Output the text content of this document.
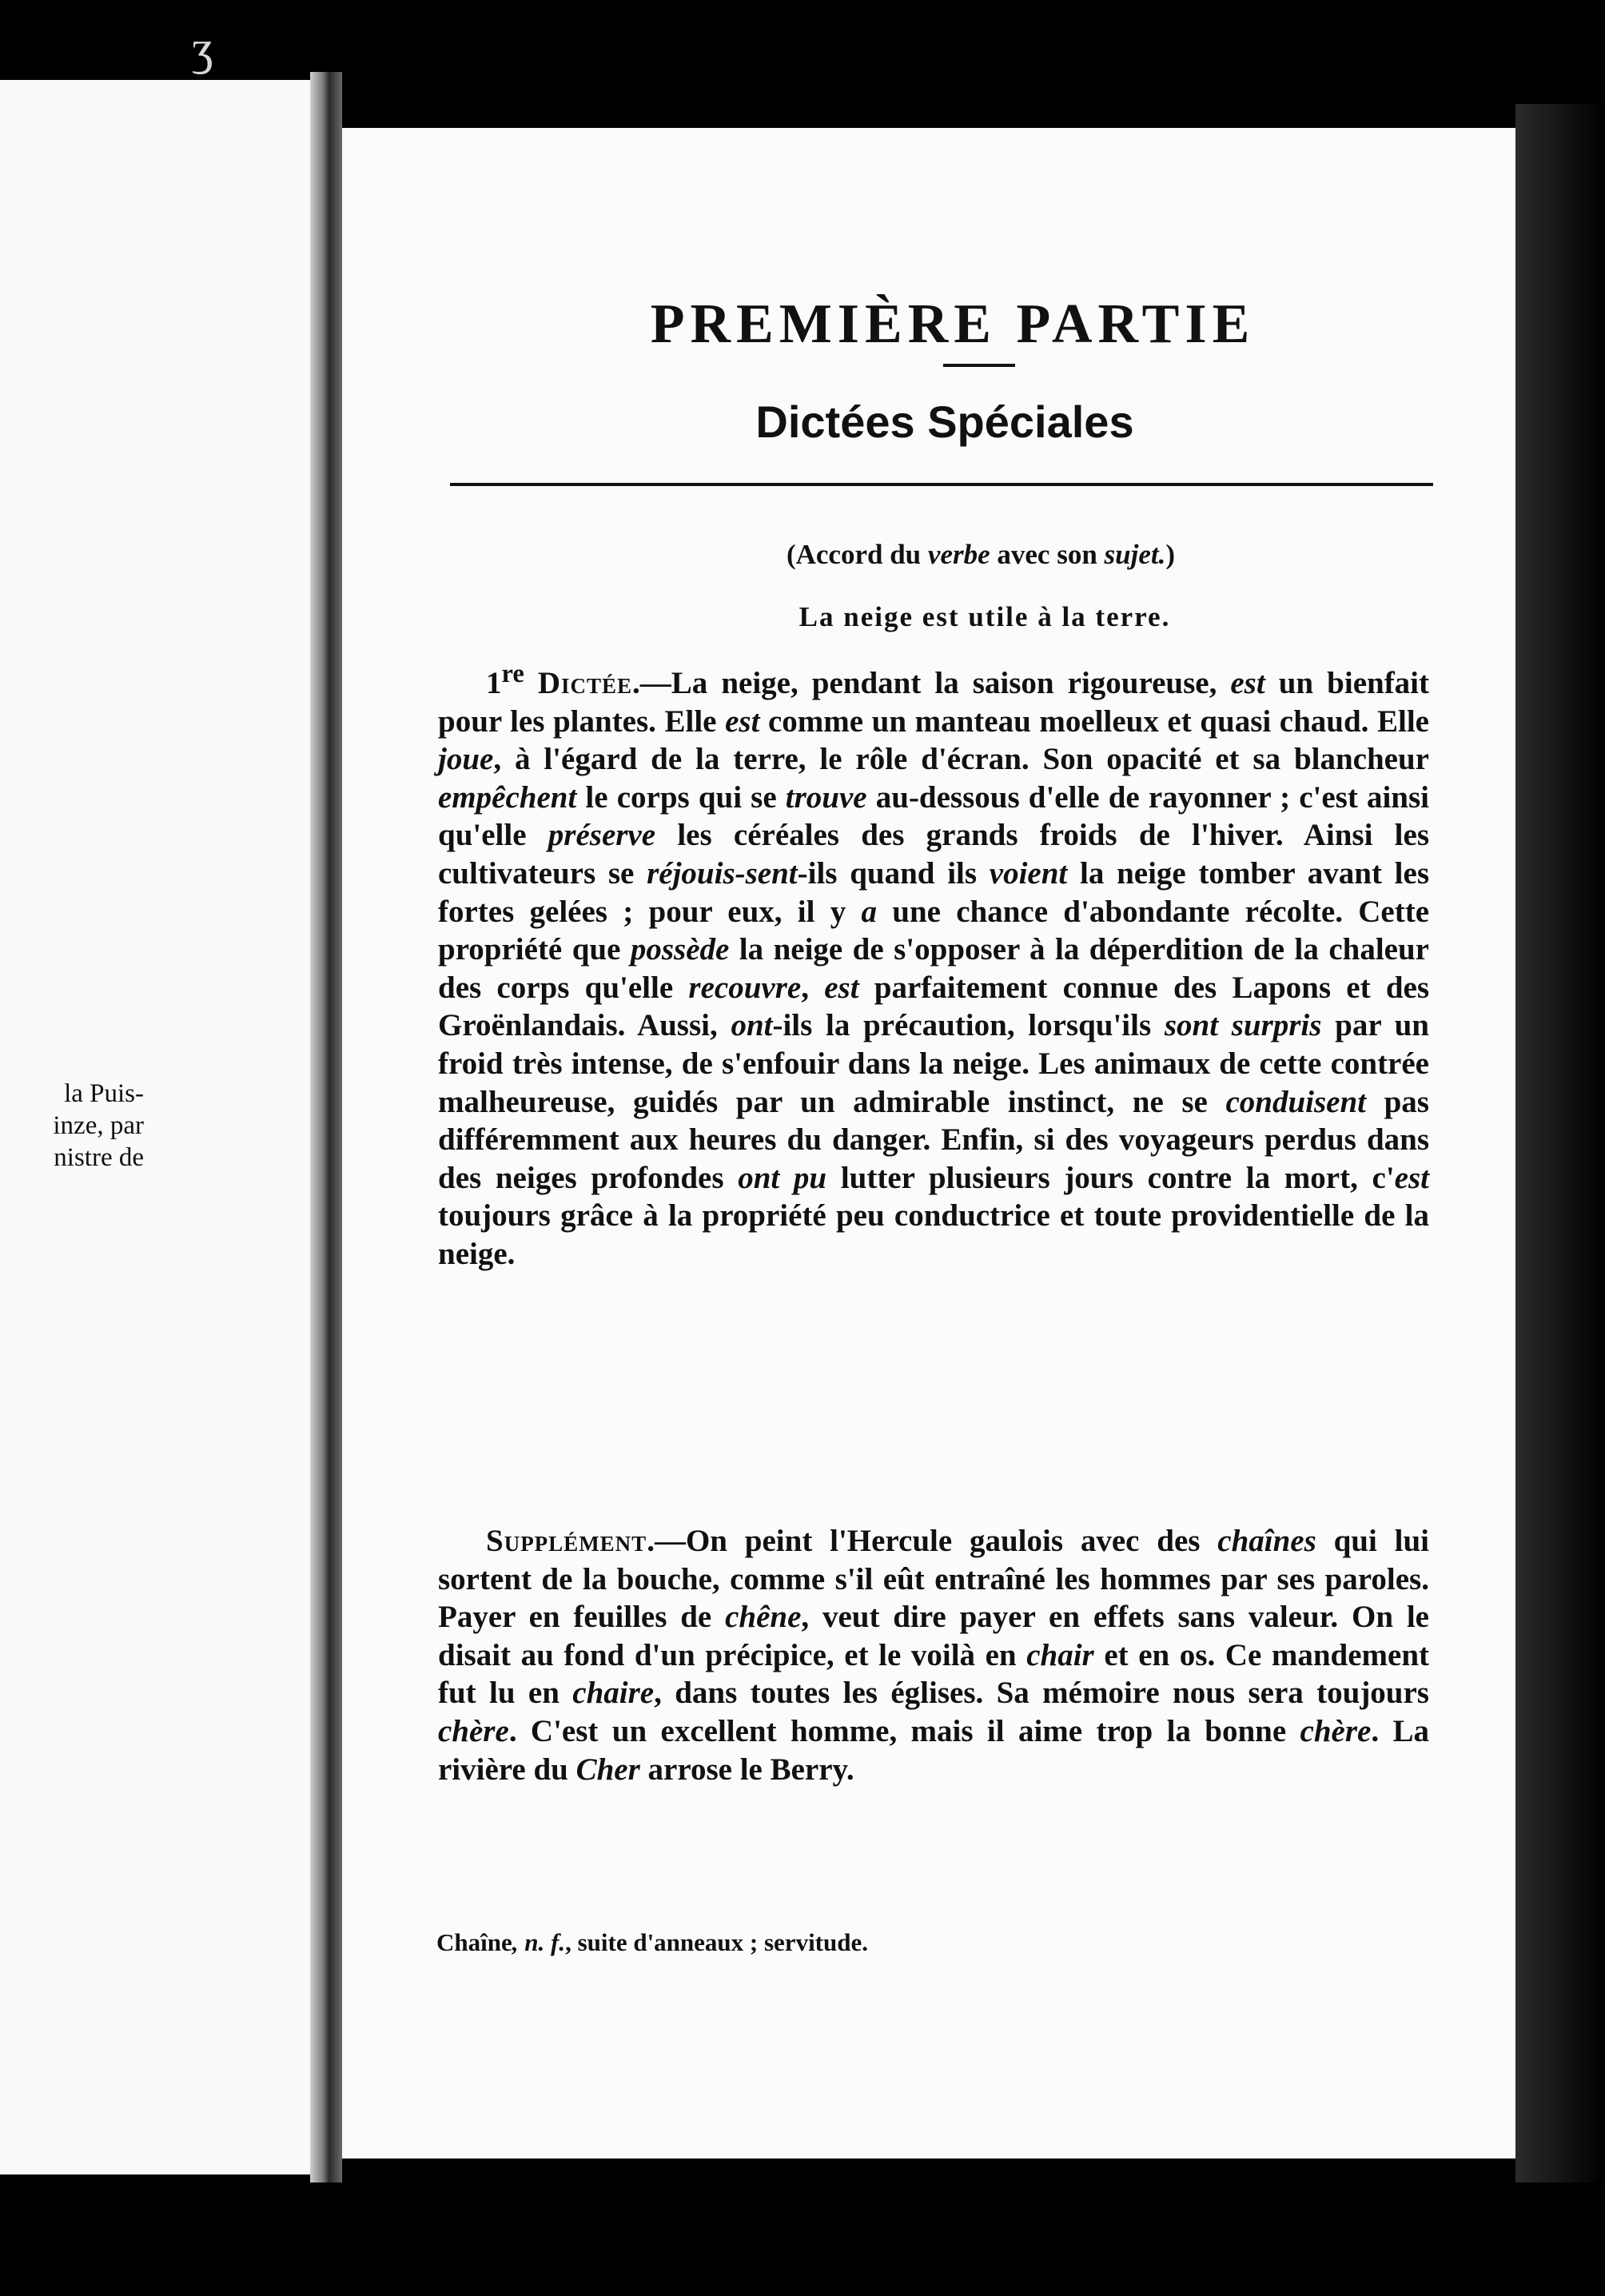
ʒ
la Puis-
inze, par
nistre de
PREMIÈRE PARTIE
Dictées Spéciales
(Accord du verbe avec son sujet.)
La neige est utile à la terre.

1re Dictée.—La neige, pendant la saison rigoureuse, est un bienfait pour les plantes. Elle est comme un manteau moelleux et quasi chaud. Elle joue, à l'égard de la terre, le rôle d'écran. Son opacité et sa blancheur empêchent le corps qui se trouve au-dessous d'elle de rayonner ; c'est ainsi qu'elle préserve les céréales des grands froids de l'hiver. Ainsi les cultivateurs se réjouis-sent-ils quand ils voient la neige tomber avant les fortes gelées ; pour eux, il y a une chance d'abondante récolte. Cette propriété que possède la neige de s'opposer à la déperdition de la chaleur des corps qu'elle recouvre, est parfaitement connue des Lapons et des Groënlandais. Aussi, ont-ils la précaution, lorsqu'ils sont surpris par un froid très intense, de s'enfouir dans la neige. Les animaux de cette contrée malheureuse, guidés par un admirable instinct, ne se conduisent pas différemment aux heures du danger. Enfin, si des voyageurs perdus dans des neiges profondes ont pu lutter plusieurs jours contre la mort, c'est toujours grâce à la propriété peu conductrice et toute providentielle de la neige.

Supplément.—On peint l'Hercule gaulois avec des chaînes qui lui sortent de la bouche, comme s'il eût entraîné les hommes par ses paroles. Payer en feuilles de chêne, veut dire payer en effets sans valeur. On le disait au fond d'un précipice, et le voilà en chair et en os. Ce mandement fut lu en chaire, dans toutes les églises. Sa mémoire nous sera toujours chère. C'est un excellent homme, mais il aime trop la bonne chère. La rivière du Cher arrose le Berry.

Chaîne, n. f., suite d'anneaux ; servitude.
